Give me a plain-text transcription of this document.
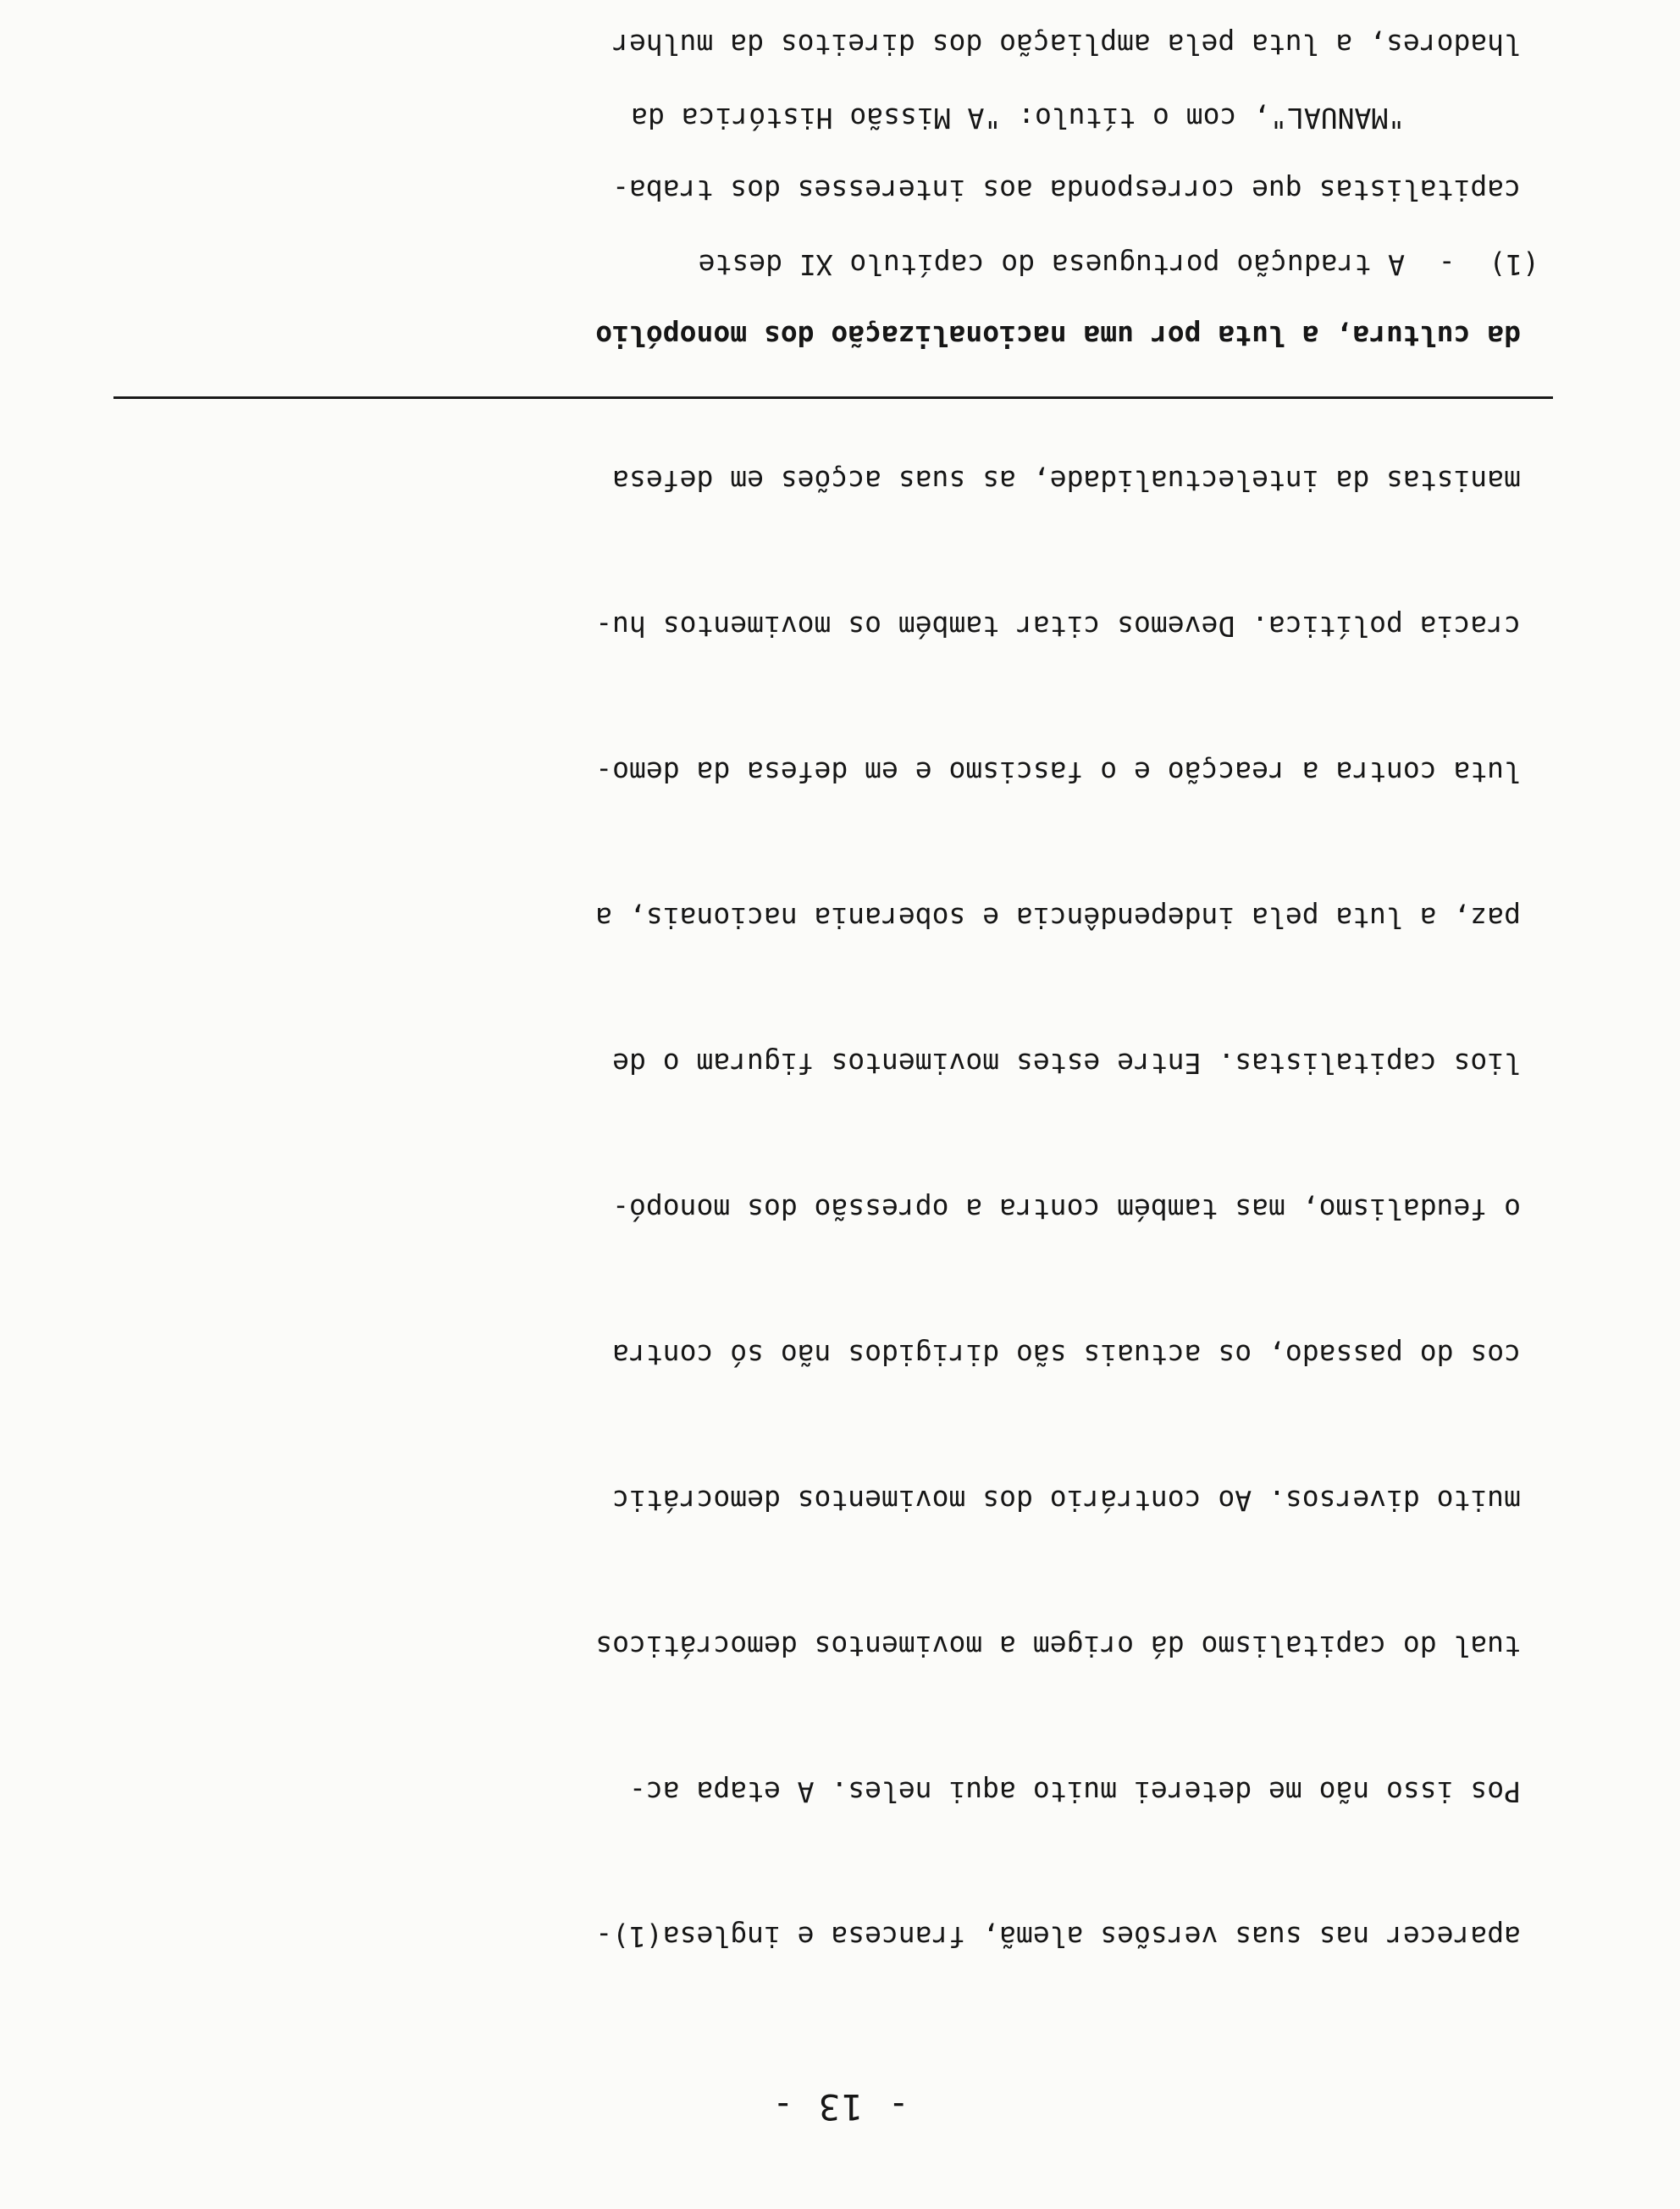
- 13 -

aparecer nas suas versões alemã, francesa e inglesa(1)-

Pos isso não me deterei muito aqui neles. A etapa ac-

tual do capitalismo dá origem a movimentos democráticos

muito diversos. Ao contrário dos movimentos democrátic

cos do passado, os actuais são dirigidos não só contra

o feudalismo, mas também contra a opressão dos monopó-

lios capitalistas. Entre estes movimentos figuram o de

paz, a luta pela independência e soberania nacionais, a

luta contra a reacção e o fascismo e em defesa da demo-

cracia política. Devemos citar também os movimentos hu-

manistas da intelectualidade, as suas acções em defesa

da cultura, a luta por uma nacionalização dos monopólio

capitalistas que corresponda aos interesses dos traba-

lhadores, a luta pela ampliação dos direitos da mulher

(1)  -  A tradução portuguesa do capítulo XI deste

"MANUAL", com o título: "A Missão Histórica da
